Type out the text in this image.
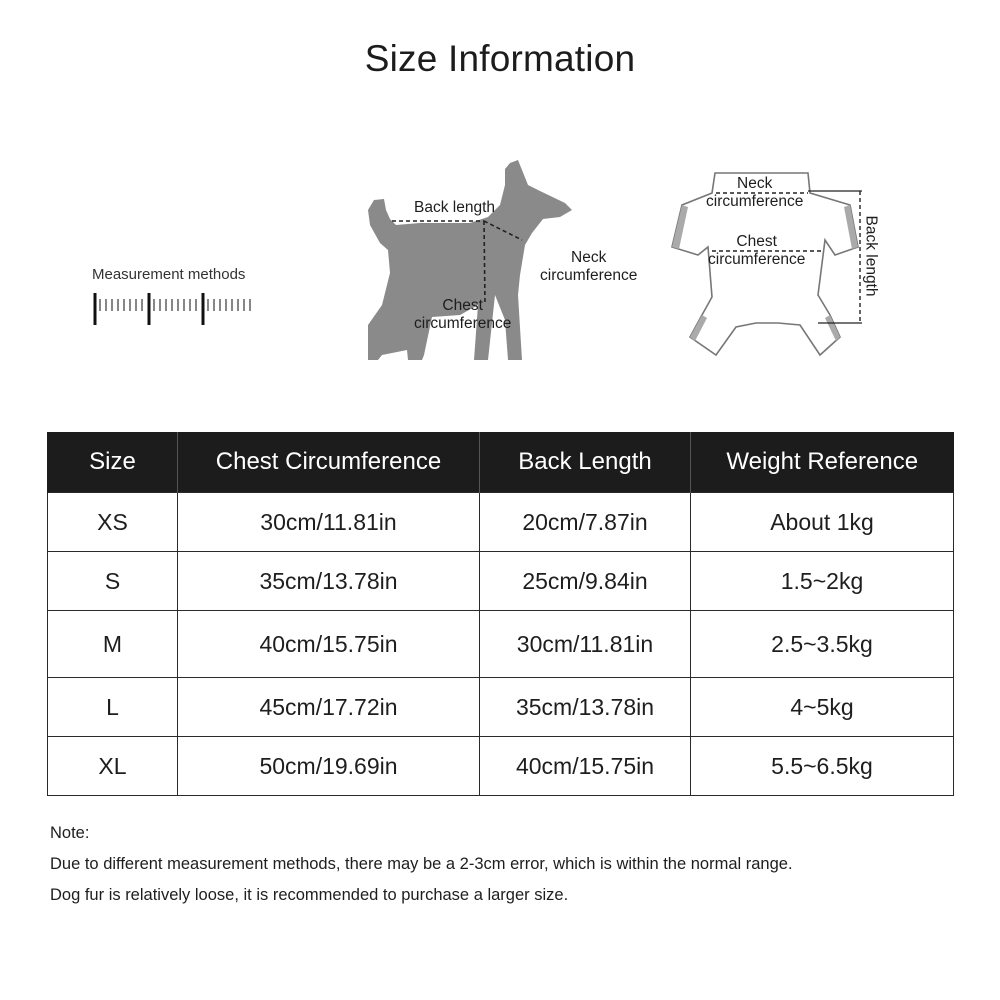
Size Information
Measurement methods
Back length
Neck
circumference
Chest
circumference
Neck
circumference
Chest
circumference	Back length
Size	Chest Circumference	Back Length	Weight Reference
XS	30cm/11.81in	20cm/7.87in	About 1kg
S	35cm/13.78in	25cm/9.84in	1.5~2kg
M	40cm/15.75in	30cm/11.81in	2.5~3.5kg
L	45cm/17.72in	35cm/13.78in	4~5kg
XL	50cm/19.69in	40cm/15.75in	5.5~6.5kg
Note:
Due to different measurement methods, there may be a 2-3cm error, which is within the normal range.
Dog fur is relatively loose, it is recommended to purchase a larger size.
